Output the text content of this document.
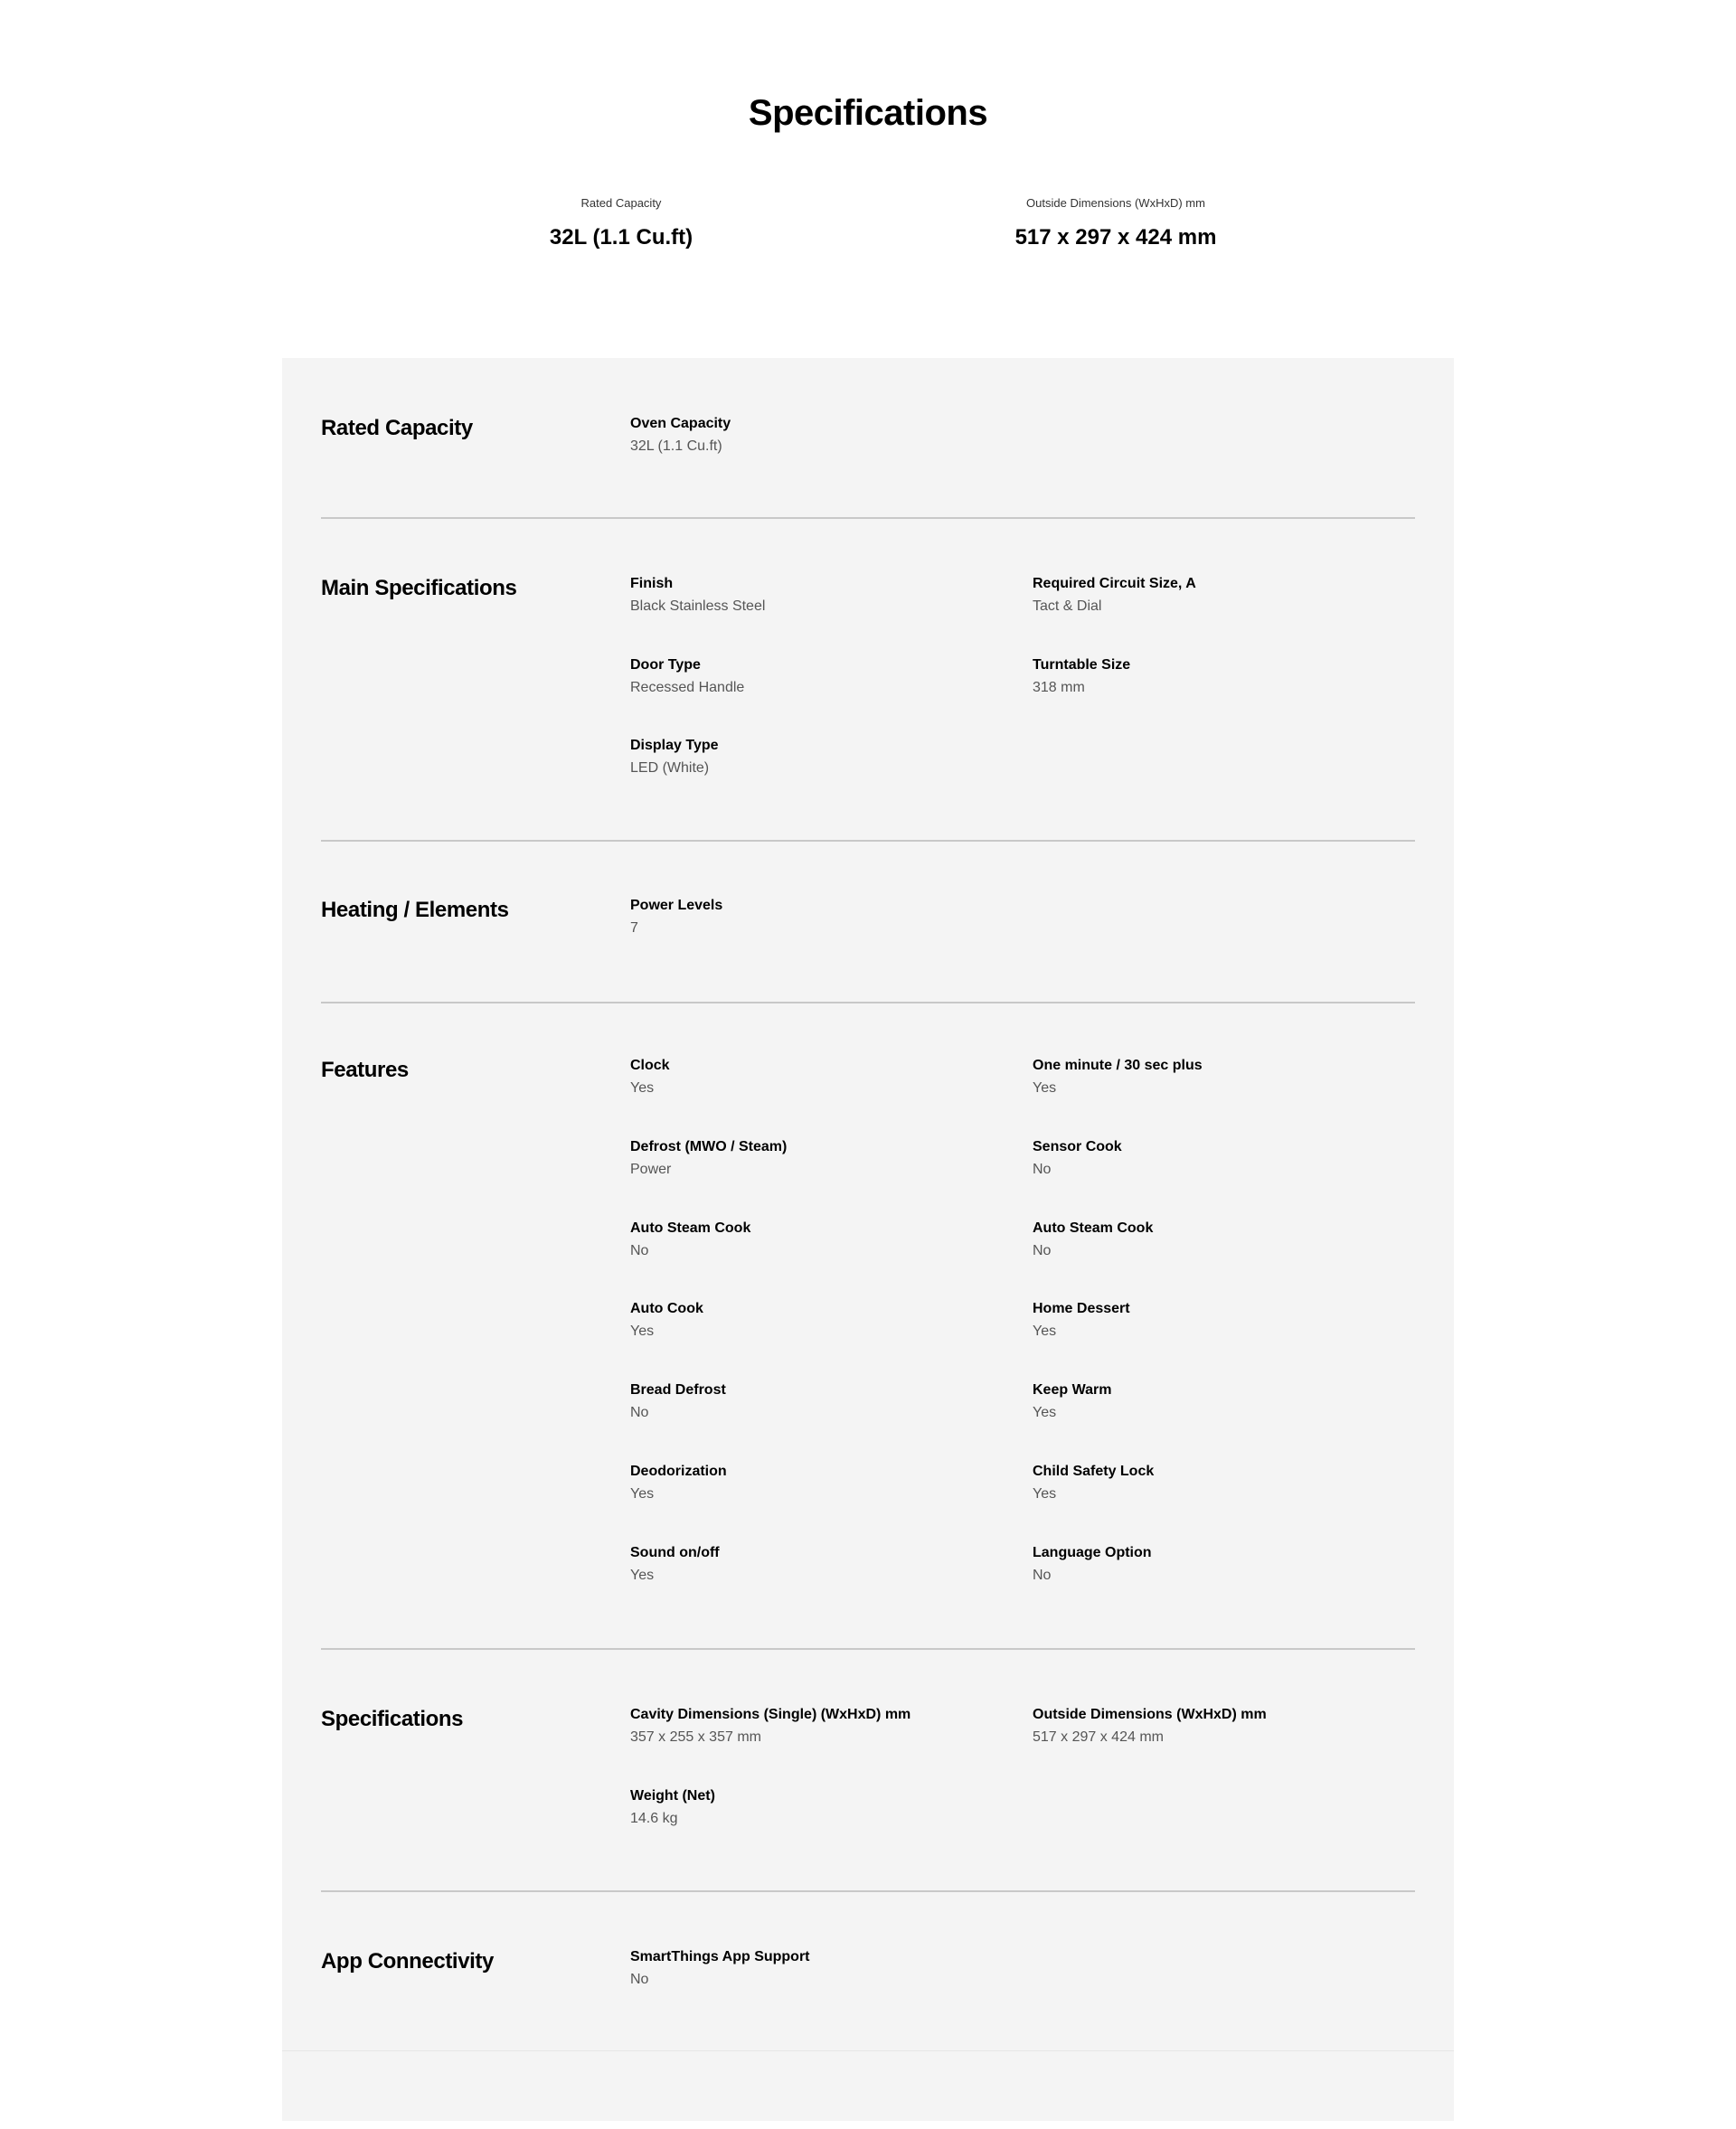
Specifications
Rated Capacity
32L (1.1 Cu.ft)
Outside Dimensions (WxHxD) mm
517 x 297 x 424 mm
Rated Capacity	Oven Capacity
32L (1.1 Cu.ft)
Main Specifications	Finish
Black Stainless Steel
Required Circuit Size, A
Tact & Dial
Door Type
Recessed Handle
Turntable Size
318 mm
Display Type
LED (White)
Heating / Elements	Power Levels
7
Features	Clock
Yes
One minute / 30 sec plus
Yes
Defrost (MWO / Steam)
Power
Sensor Cook
No
Auto Steam Cook
No
Auto Steam Cook
No
Auto Cook
Yes
Home Dessert
Yes
Bread Defrost
No
Keep Warm
Yes
Deodorization
Yes
Child Safety Lock
Yes
Sound on/off
Yes
Language Option
No
Specifications	Cavity Dimensions (Single) (WxHxD) mm
357 x 255 x 357 mm
Outside Dimensions (WxHxD) mm
517 x 297 x 424 mm
Weight (Net)
14.6 kg
App Connectivity	SmartThings App Support
No
